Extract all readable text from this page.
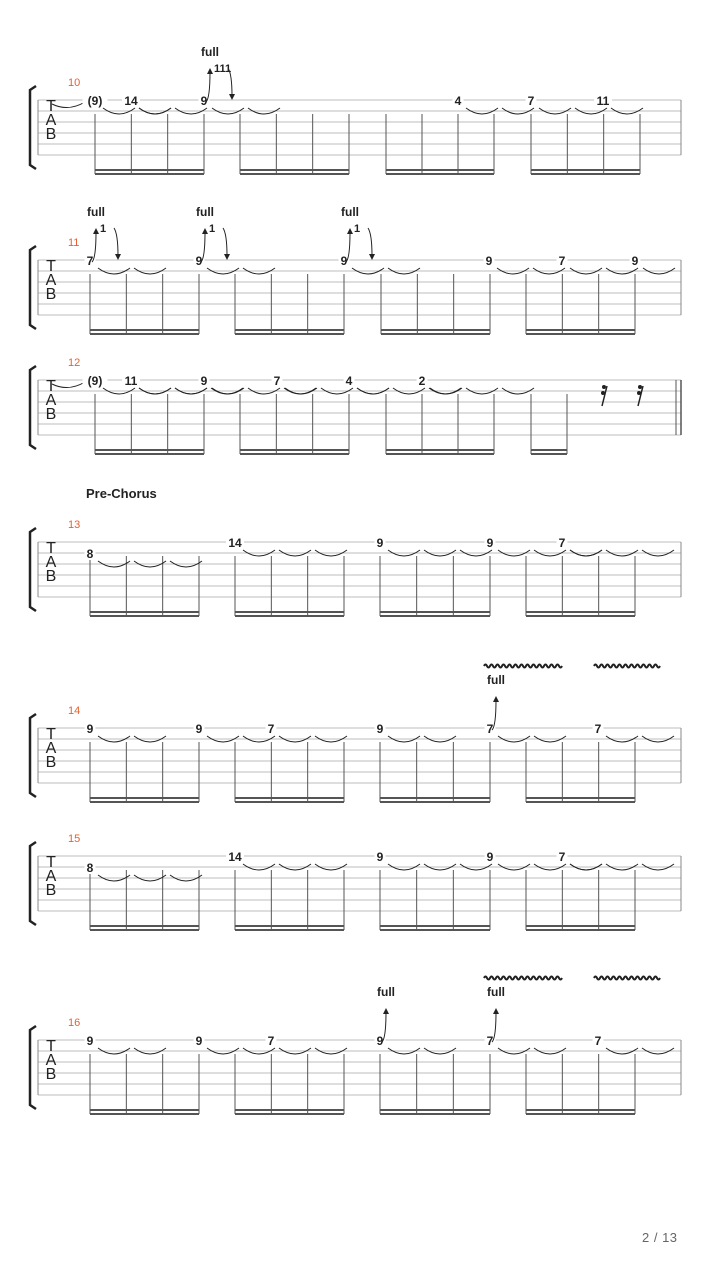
Pre-Chorus
2 / 13
T
A
B
10
(9) 14	9	4	7	11
full
111
T
A
B
11
7	9	9	9	7	9
full
1
full
1
full
1
T
A
B
12
(9) 11	9	7	4	2
T
A
B
13
8
14	9	9	7
T
A
B
14
9	9	7	9	7	7
full
T
A
B
15
8
14	9	9	7
T
A
B
16
9	9	7	9	7	7
full	full
